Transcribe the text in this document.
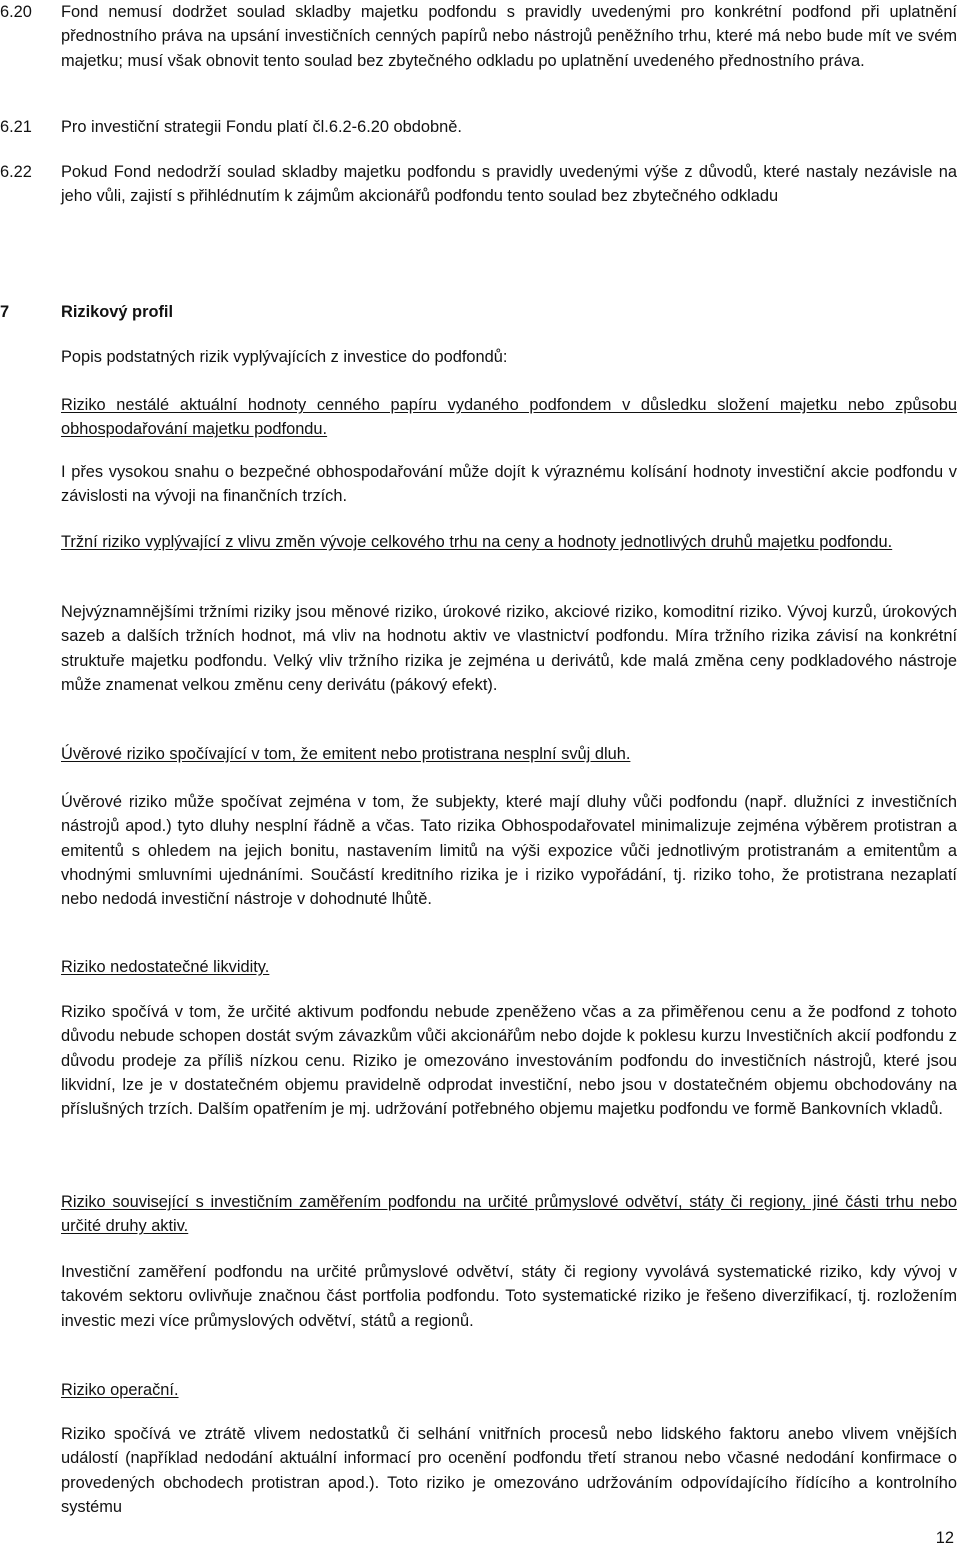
6.20 Fond nemusí dodržet soulad skladby majetku podfondu s pravidly uvedenými pro konkrétní podfond při uplatnění přednostního práva na upsání investičních cenných papírů nebo nástrojů peněžního trhu, které má nebo bude mít ve svém majetku; musí však obnovit tento soulad bez zbytečného odkladu po uplatnění uvedeného přednostního práva.
6.21 Pro investiční strategii Fondu platí čl.6.2-6.20 obdobně.
6.22 Pokud Fond nedodrží soulad skladby majetku podfondu s pravidly uvedenými výše z důvodů, které nastaly nezávisle na jeho vůli, zajistí s přihlédnutím k zájmům akcionářů podfondu tento soulad bez zbytečného odkladu
7	Rizikový profil
Popis podstatných rizik vyplývajících z investice do podfondů:
Riziko nestálé aktuální hodnoty cenného papíru vydaného podfondem v důsledku složení majetku nebo způsobu obhospodařování majetku podfondu.
I přes vysokou snahu o bezpečné obhospodařování může dojít k výraznému kolísání hodnoty investiční akcie podfondu v závislosti na vývoji na finančních trzích.
Tržní riziko vyplývající z vlivu změn vývoje celkového trhu na ceny a hodnoty jednotlivých druhů majetku podfondu.
Nejvýznamnějšími tržními riziky jsou měnové riziko, úrokové riziko, akciové riziko, komoditní riziko. Vývoj kurzů, úrokových sazeb a dalších tržních hodnot, má vliv na hodnotu aktiv ve vlastnictví podfondu. Míra tržního rizika závisí na konkrétní struktuře majetku podfondu. Velký vliv tržního rizika je zejména u derivátů, kde malá změna ceny podkladového nástroje může znamenat velkou změnu ceny derivátu (pákový efekt).
Úvěrové riziko spočívající v tom, že emitent nebo protistrana nesplní svůj dluh.
Úvěrové riziko může spočívat zejména v tom, že subjekty, které mají dluhy vůči podfondu (např. dlužníci z investičních nástrojů apod.) tyto dluhy nesplní řádně a včas. Tato rizika Obhospodařovatel minimalizuje zejména výběrem protistran a emitentů s ohledem na jejich bonitu, nastavením limitů na výši expozice vůči jednotlivým protistranám a emitentům a vhodnými smluvními ujednáními. Součástí kreditního rizika je i riziko vypořádání, tj. riziko toho, že protistrana nezaplatí nebo nedodá investiční nástroje v dohodnuté lhůtě.
Riziko nedostatečné likvidity.
Riziko spočívá v tom, že určité aktivum podfondu nebude zpeněženo včas a za přiměřenou cenu a že podfond z tohoto důvodu nebude schopen dostát svým závazkům vůči akcionářům nebo dojde k poklesu kurzu Investičních akcií podfondu z důvodu prodeje za příliš nízkou cenu. Riziko je omezováno investováním podfondu do investičních nástrojů, které jsou likvidní, lze je v dostatečném objemu pravidelně odprodat investiční, nebo jsou v dostatečném objemu obchodovány na příslušných trzích. Dalším opatřením je mj. udržování potřebného objemu majetku podfondu ve formě Bankovních vkladů.
Riziko související s investičním zaměřením podfondu na určité průmyslové odvětví, státy či regiony, jiné části trhu nebo určité druhy aktiv.
Investiční zaměření podfondu na určité průmyslové odvětví, státy či regiony vyvolává systematické riziko, kdy vývoj v takovém sektoru ovlivňuje značnou část portfolia podfondu. Toto systematické riziko je řešeno diverzifikací, tj. rozložením investic mezi více průmyslových odvětví, států a regionů.
Riziko operační.
Riziko spočívá ve ztrátě vlivem nedostatků či selhání vnitřních procesů nebo lidského faktoru anebo vlivem vnějších událostí (například nedodání aktuální informací pro ocenění podfondu třetí stranou nebo včasné nedodání konfirmace o provedených obchodech protistran apod.). Toto riziko je omezováno udržováním odpovídajícího řídícího a kontrolního systému
12
